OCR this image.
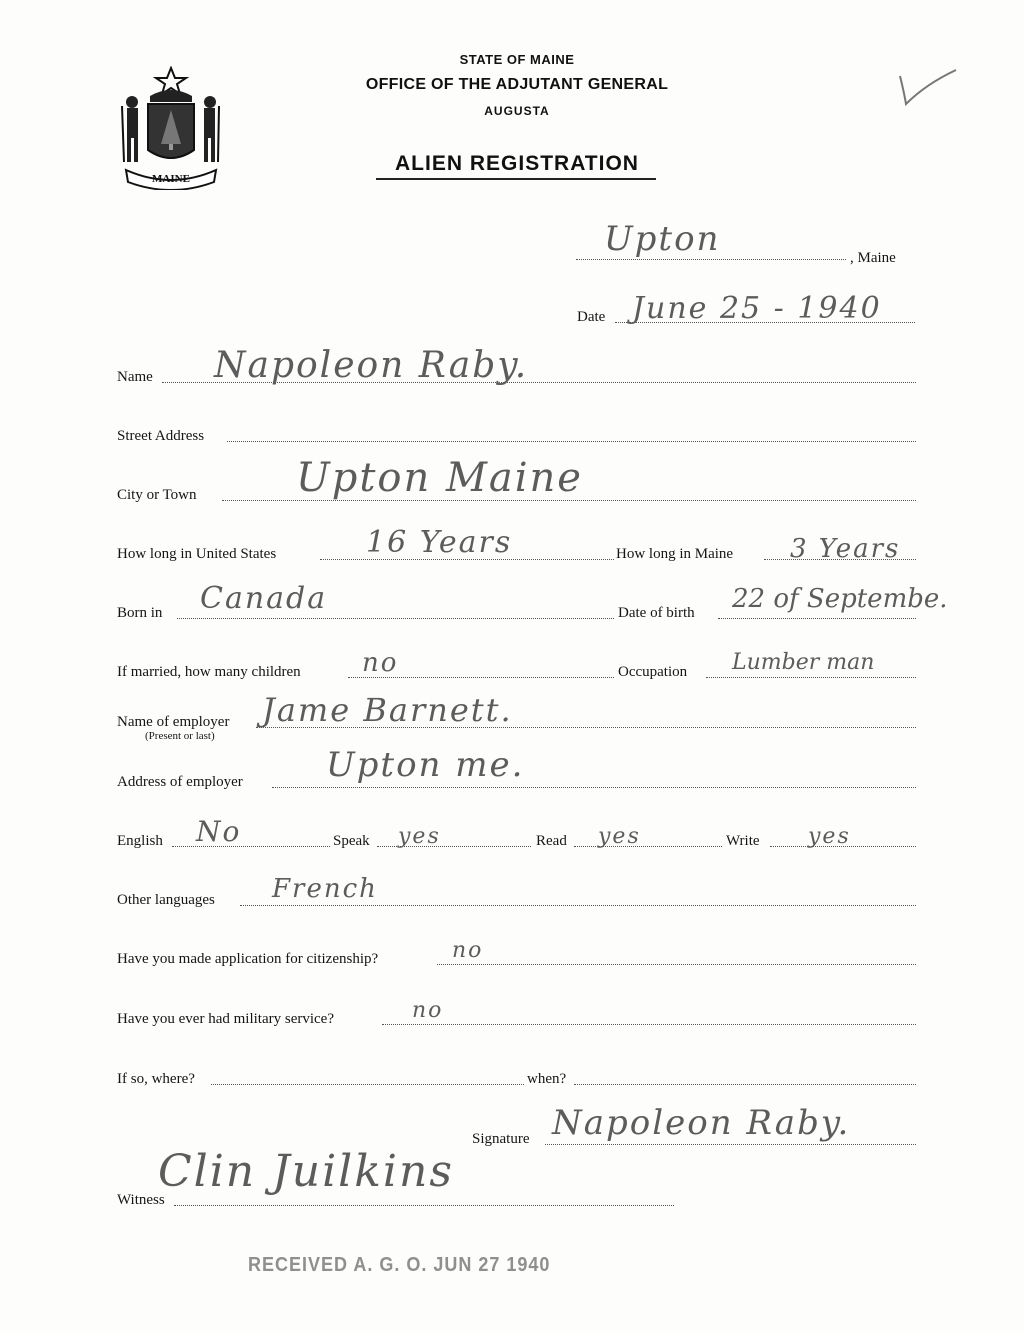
MAINE
STATE OF MAINE
OFFICE OF THE ADJUTANT GENERAL
AUGUSTA
ALIEN REGISTRATION
Upton	, Maine
Date June 25 - 1940
Name Napoleon Raby.
Street Address
City or Town Upton Maine
How long in United States	16 Years	How long in Maine 3 Years
Born in Canada	Date of birth 22 of Septembe.
If married, how many children no	Occupation Lumber man
Name of employer
(Present or last)
Jame Barnett.
Address of employer Upton me.
English No	Speak yes	Read yes	Write yes
Other languages French
Have you made application for citizenship?	no
Have you ever had military service?	no
If so, where?	when?
Signature Napoleon Raby.
Witness
Clin Juilkins
RECEIVED A. G. O. JUN 27 1940
